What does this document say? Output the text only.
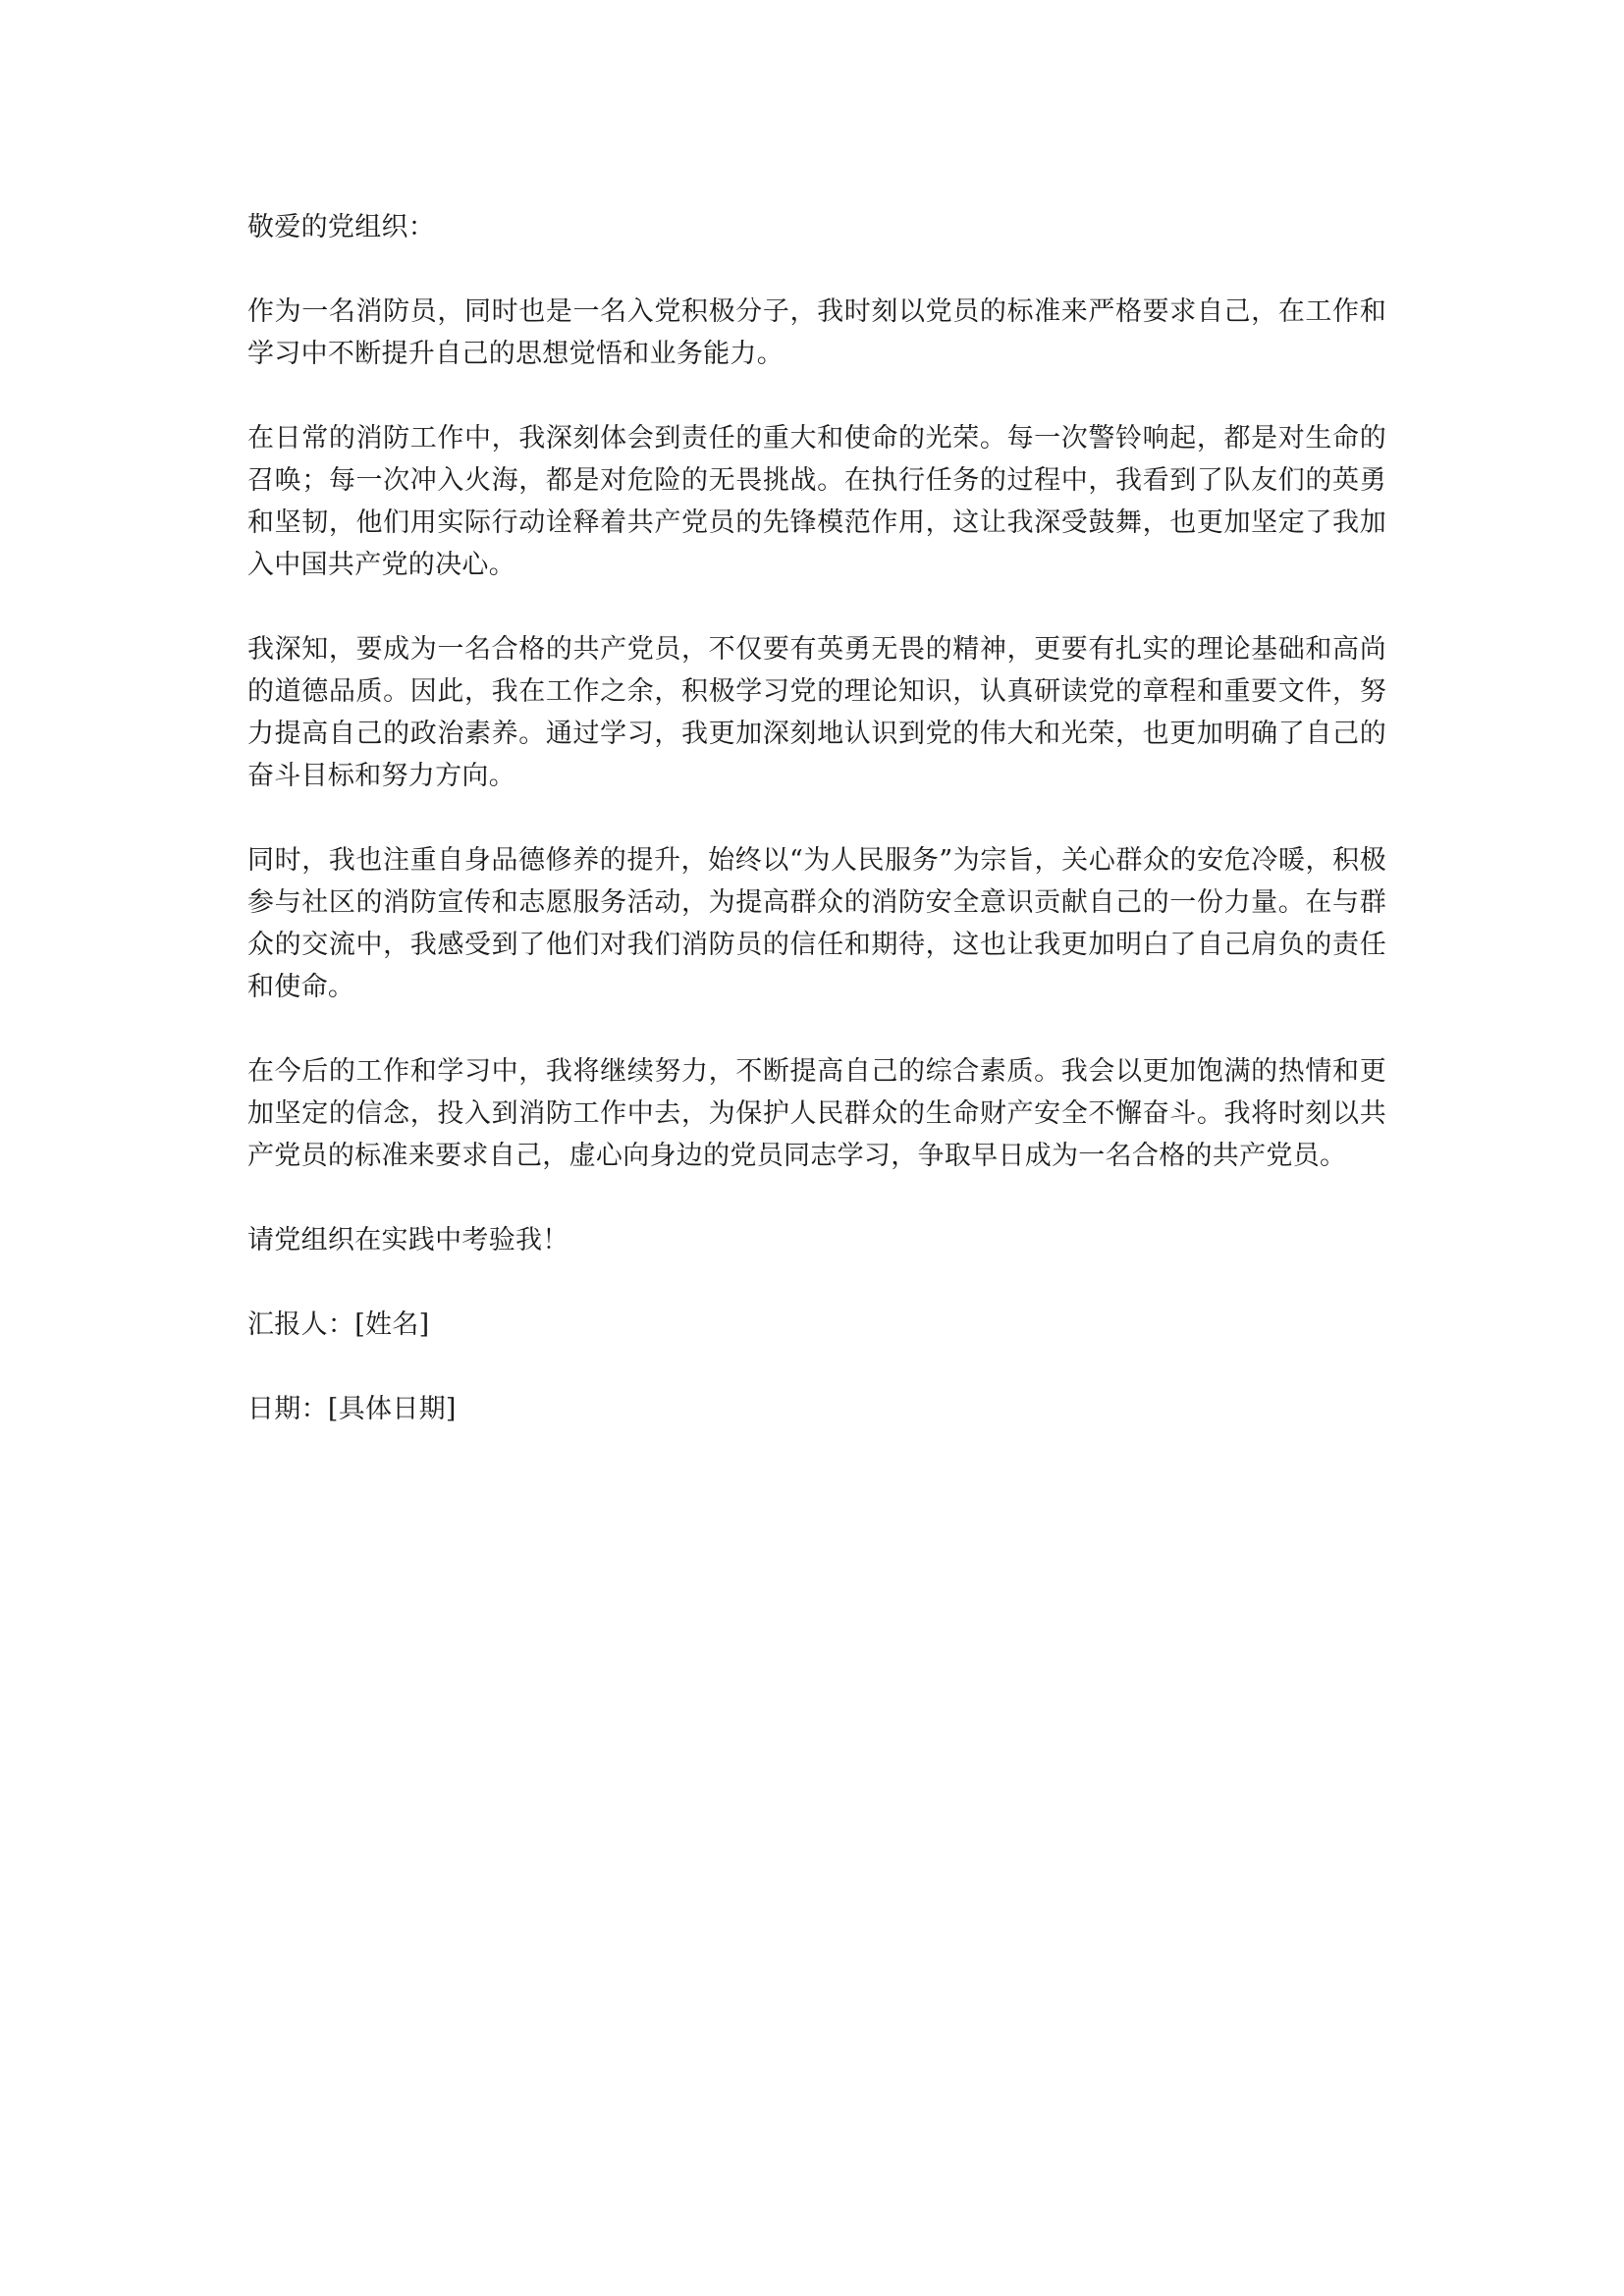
敬爱的党组织：

作为一名消防员，同时也是一名入党积极分子，我时刻以党员的标准来严格要求自己，在工作和学习中不断提升自己的思想觉悟和业务能力。

在日常的消防工作中，我深刻体会到责任的重大和使命的光荣。每一次警铃响起，都是对生命的召唤；每一次冲入火海，都是对危险的无畏挑战。在执行任务的过程中，我看到了队友们的英勇和坚韧，他们用实际行动诠释着共产党员的先锋模范作用，这让我深受鼓舞，也更加坚定了我加入中国共产党的决心。

我深知，要成为一名合格的共产党员，不仅要有英勇无畏的精神，更要有扎实的理论基础和高尚的道德品质。因此，我在工作之余，积极学习党的理论知识，认真研读党的章程和重要文件，努力提高自己的政治素养。通过学习，我更加深刻地认识到党的伟大和光荣，也更加明确了自己的奋斗目标和努力方向。

同时，我也注重自身品德修养的提升，始终以“为人民服务”为宗旨，关心群众的安危冷暖，积极参与社区的消防宣传和志愿服务活动，为提高群众的消防安全意识贡献自己的一份力量。在与群众的交流中，我感受到了他们对我们消防员的信任和期待，这也让我更加明白了自己肩负的责任和使命。

在今后的工作和学习中，我将继续努力，不断提高自己的综合素质。我会以更加饱满的热情和更加坚定的信念，投入到消防工作中去，为保护人民群众的生命财产安全不懈奋斗。我将时刻以共产党员的标准来要求自己，虚心向身边的党员同志学习，争取早日成为一名合格的共产党员。

请党组织在实践中考验我！

汇报人：[姓名]

日期：[具体日期]
